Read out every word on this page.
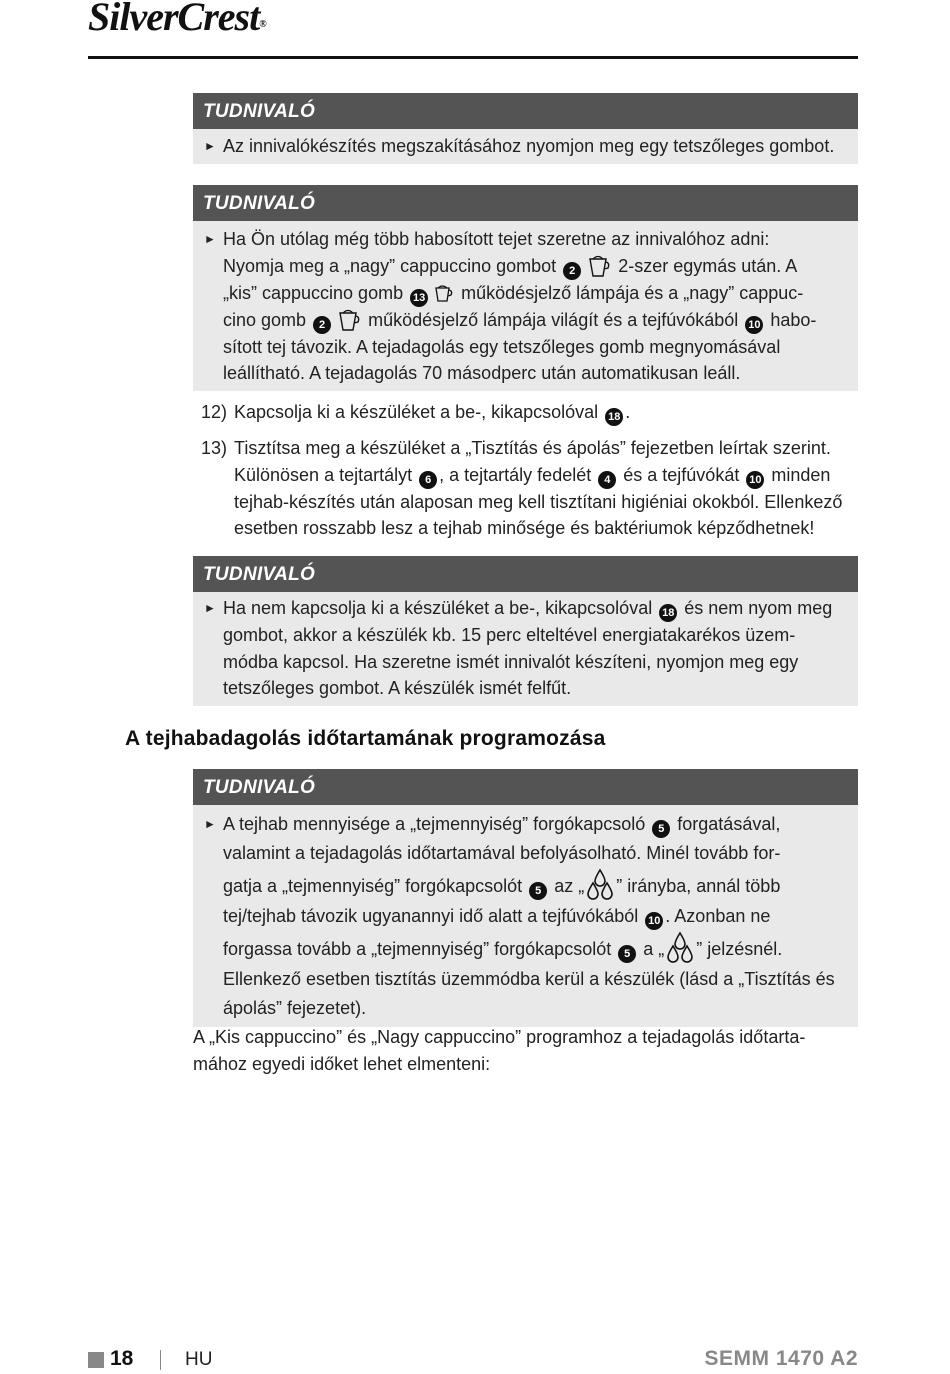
SilverCrest®
TUDNIVALÓ
► Az innivalókészítés megszakításához nyomjon meg egy tetszőleges gombot.

TUDNIVALÓ
► Ha Ön utólag még több habosított tejet szeretne az innivalóhoz adni:
Nyomja meg a „nagy” cappuccino gombot 2 2-szer egymás után. A
„kis” cappuccino gomb 13 működésjelző lámpája és a „nagy” cappuc-
cino gomb 2 működésjelző lámpája világít és a tejfúvókából 10 habo-
sított tej távozik. A tejadagolás egy tetszőleges gomb megnyomásával
leállítható. A tejadagolás 70 másodperc után automatikusan leáll.

12) Kapcsolja ki a készüléket a be-, kikapcsolóval 18 .

13) Tisztítsa meg a készüléket a „Tisztítás és ápolás” fejezetben leírtak szerint.
Különösen a tejtartályt 6 , a tejtartály fedelét 4 és a tejfúvókát 10 minden
tejhab-készítés után alaposan meg kell tisztítani higiéniai okokból. Ellenkező
esetben rosszabb lesz a tejhab minősége és baktériumok képződhetnek!

TUDNIVALÓ
► Ha nem kapcsolja ki a készüléket a be-, kikapcsolóval 18 és nem nyom meg
gombot, akkor a készülék kb. 15 perc elteltével energiatakarékos üzem-
módba kapcsol. Ha szeretne ismét innivalót készíteni, nyomjon meg egy
tetszőleges gombot. A készülék ismét felfűt.

A tejhabadagolás időtartamának programozása
TUDNIVALÓ
► A tejhab mennyisége a „tejmennyiség” forgókapcsoló 5 forgatásával,
valamint a tejadagolás időtartamával befolyásolható. Minél tovább for-
gatja a „tejmennyiség” forgókapcsolót 5 az „ ” irányba, annál több
tej/tejhab távozik ugyanannyi idő alatt a tejfúvókából 10 . Azonban ne
forgassa tovább a „tejmennyiség” forgókapcsolót 5 a „ ” jelzésnél.
Ellenkező esetben tisztítás üzemmódba kerül a készülék (lásd a „Tisztítás és
ápolás” fejezetet).

A „Kis cappuccino” és „Nagy cappuccino” programhoz a tejadagolás időtarta-
mához egyedi időket lehet elmenteni:

18	HU	SEMM 1470 A2
